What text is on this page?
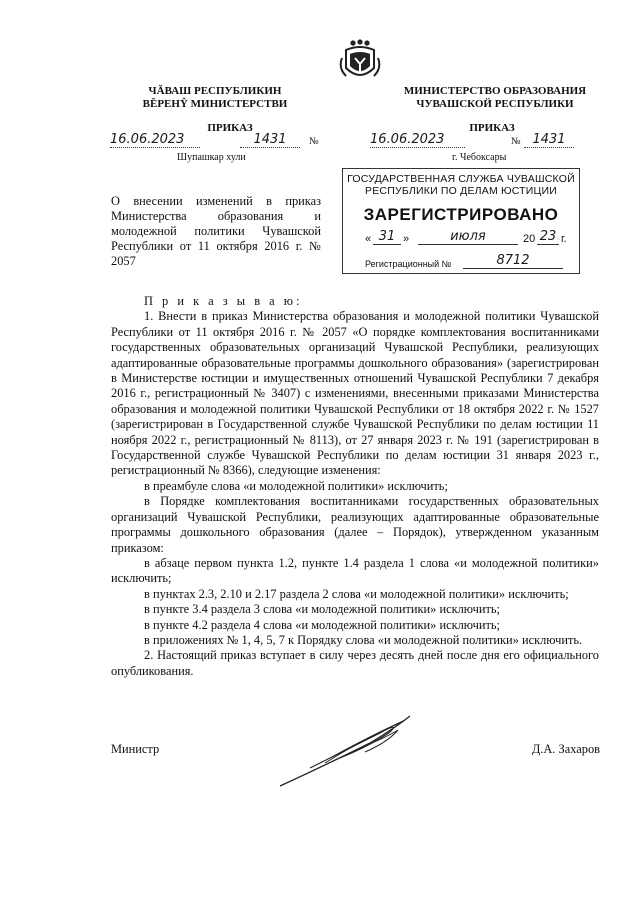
ЧĂВАШ РЕСПУБЛИКИН
ВĚРЕНŶ МИНИСТЕРСТВИ
МИНИСТЕРСТВО ОБРАЗОВАНИЯ
ЧУВАШСКОЙ РЕСПУБЛИКИ
ПРИКАЗ	ПРИКАЗ
16.06.2023	1431	№
Шупашкар хули
16.06.2023	№ 1431
г. Чебоксары
ГОСУДАРСТВЕННАЯ СЛУЖБА ЧУВАШСКОЙ
РЕСПУБЛИКИ ПО ДЕЛАМ ЮСТИЦИИ
ЗАРЕГИСТРИРОВАНО
« 31 »	июля	20 23 г.
Регистрационный №	8712
О внесении изменений в приказ Министерства образования и молодежной политики Чувашской Республики от 11 октября 2016 г. № 2057

П р и к а з ы в а ю:

1. Внести в приказ Министерства образования и молодежной политики Чувашской Республики от 11 октября 2016 г. № 2057 «О порядке комплектования воспитанниками государственных образовательных организаций Чувашской Республики, реализующих адаптированные образовательные программы дошкольного образования» (зарегистрирован в Министерстве юстиции и имущественных отношений Чувашской Республики 7 декабря 2016 г., регистрационный № 3407) с изменениями, внесенными приказами Министерства образования и молодежной политики Чувашской Республики от 18 октября 2022 г. № 1527 (зарегистрирован в Государственной службе Чувашской Республики по делам юстиции 11 ноября 2022 г., регистрационный № 8113), от 27 января 2023 г. № 191 (зарегистрирован в Государственной службе Чувашской Республики по делам юстиции 31 января 2023 г., регистрационный № 8366), следующие изменения:

в преамбуле слова «и молодежной политики» исключить;

в Порядке комплектования воспитанниками государственных образовательных организаций Чувашской Республики, реализующих адаптированные образовательные программы дошкольного образования (далее – Порядок), утвержденном указанным приказом:

в абзаце первом пункта 1.2, пункте 1.4 раздела 1 слова «и молодежной политики» исключить;

в пунктах 2.3, 2.10 и 2.17 раздела 2 слова «и молодежной политики» исключить;

в пункте 3.4 раздела 3 слова «и молодежной политики» исключить;

в пункте 4.2 раздела 4 слова «и молодежной политики» исключить;

в приложениях № 1, 4, 5, 7 к Порядку слова «и молодежной политики» исключить.

2. Настоящий приказ вступает в силу через десять дней после дня его официального опубликования.

Министр	Д.А. Захаров
